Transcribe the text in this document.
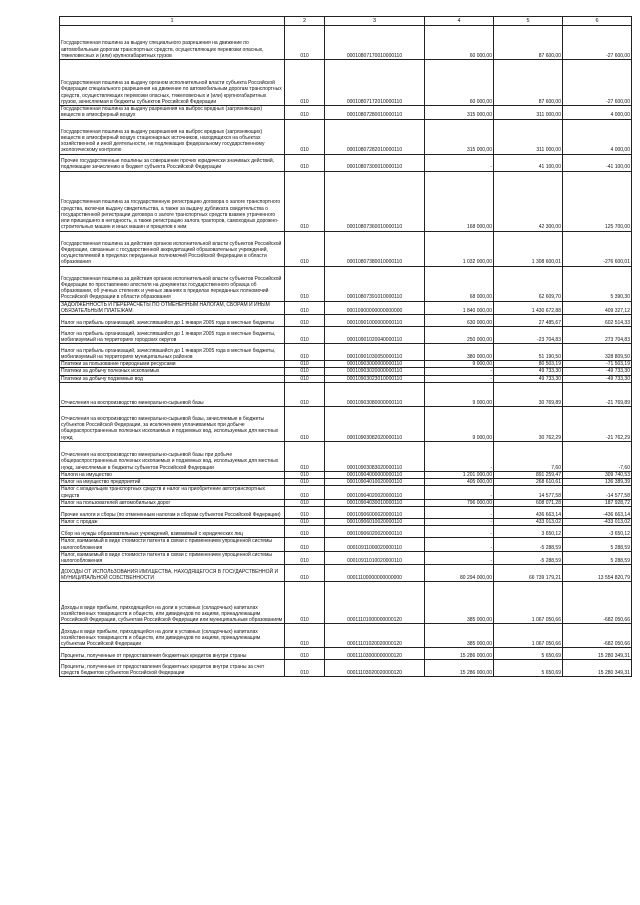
1	2	3	4	5	6
Государственная пошлина за выдачу специального разрешения на движение по автомобильным дорогам транспортных средств, осуществляющих перевозки опасных, тяжеловесных и (или) крупногабаритных грузов	010	00010807170010000110	60 000,00	87 600,00	-27 600,00
Государственная пошлина за выдачу органом исполнительной власти субъекта Российской Федерации специального разрешения на движение по автомобильным дорогам транспортных средств, осуществляющих перевозки опасных, тяжеловесных и (или) крупногабаритных грузов, зачисляемая в бюджеты субъектов Российской Федерации	010	00010807172010000110	60 000,00	87 600,00	-27 600,00
Государственная пошлина за выдачу разрешения на выброс вредных (загрязняющих) веществ в атмосферный воздух	010	00010807280010000110	315 000,00	311 000,00	4 000,00
Государственная пошлина за выдачу разрешения на выброс вредных (загрязняющих) веществ в атмосферный воздух стационарных источников, находящихся на объектах хозяйственной и иной деятельности, не подлежащих федеральному государственному экологическому контролю	010	00010807282010000110	315 000,00	311 000,00	4 000,00
Прочие государственные пошлины за совершение прочих юридически значимых действий, подлежащие зачислению в бюджет субъекта Российской Федерации	010	00010807300010000110	-	41 100,00	-41 100,00
Государственная пошлина за государственную регистрацию договора о залоге транспортного средства, включая выдачу свидетельства, а также за выдачу дубликата свидетельства о государственной регистрации договора о залоге транспортных средств взамен утраченного или пришедшего в негодность, а также регистрацию залога тракторов, самоходных дорожно-строительных машин и иных машин и прицепов к ним	010	00010807360010000110	168 000,00	42 300,00	125 700,00
Государственная пошлина за действия органов исполнительной власти субъектов Российской Федерации, связанные с государственной аккредитацией образовательных учреждений, осуществляемой в пределах переданных полномочий Российской Федерации в области образования	010	00010807380010000110	1 032 000,00	1 308 600,01	-276 600,01
Государственная пошлина за действия органов исполнительной власти субъектов Российской Федерации по проставлению апостиля на документах государственного образца об образовании, об ученых степенях и ученых званиях в пределах переданных полномочий Российской Федерации в области образования	010	00010807391010000110	68 000,00	62 609,70	5 390,30
ЗАДОЛЖЕННОСТЬ И ПЕРЕРАСЧЕТЫ ПО ОТМЕНЕННЫМ НАЛОГАМ, СБОРАМ И ИНЫМ ОБЯЗАТЕЛЬНЫМ ПЛАТЕЖАМ	010	00010900000000000000	1 840 000,00	1 430 672,88	409 327,12
Налог на прибыль организаций, зачислявшийся до 1 января 2005 года в местные бюджеты	010	00010901000000000110	630 000,00	27 485,67	602 514,33
Налог на прибыль организаций, зачислявшийся до 1 января 2005 года в местные бюджеты, мобилизуемый на территориях городских округов	010	00010901020040000110	250 000,00	-23 704,83	273 704,83
Налог на прибыль организаций, зачислявшийся до 1 января 2005 года в местные бюджеты, мобилизуемый на территориях муниципальных районов	010	00010901030050000110	380 000,00	51 190,50	328 809,50
Платежи за пользование природными ресурсами	010	00010903000000000110	9 000,00	80 503,19	-71 503,19
Платежи за добычу полезных ископаемых	010	00010903020000000110	-	49 733,30	-49 733,30
Платежи за добычу подземных вод	010	00010903023010000110	-	49 733,30	-49 733,30
Отчисления на воспроизводство минерально-сырьевой базы	010	00010903080000000110	9 000,00	30 769,89	-21 769,89
Отчисления на воспроизводство минерально-сырьевой базы, зачисляемые в бюджеты субъектов Российской Федерации, за исключением уплачиваемых при добыче общераспространенных полезных ископаемых и подземных вод, используемых для местных нужд	010	00010903082020000110	9 000,00	30 762,29	-21 762,29
Отчисления на воспроизводство минерально-сырьевой базы при добыче общераспространенных полезных ископаемых и подземных вод, используемых для местных нужд, зачисляемые в бюджеты субъектов Российской Федерации	010	00010903083020000110	-	7,60	-7,60
Налоги на имущество	010	00010904000000000110	1 201 000,00	891 259,47	309 740,53
Налог на имущество предприятий	010	00010904010020000110	405 000,00	268 610,61	136 389,39
Налог с владельцев транспортных средств и налог на приобретение автотранспортных средств	010	00010904020020000110	-	14 577,58	-14 577,58
Налог на пользователей автомобильных дорог	010	00010904030010000110	796 000,00	608 071,28	187 928,72
Прочие налоги и сборы (по отмененным налогам и сборам субъектов Российской Федерации)	010	00010906000020000110	-	436 663,14	-436 663,14
Налог с продаж	010	00010906010020000110	-	433 013,02	-433 013,02
Сбор на нужды образовательных учреждений, взимаемый с юридических лиц	010	00010906020020000110	-	3 650,12	-3 650,12
Налог, взимаемый в виде стоимости патента в связи с применением упрощенной системы налогообложения	010	00010911000020000110	-	-5 288,59	5 288,59
Налог, взимаемый в виде стоимости патента в связи с применением упрощенной системы налогообложения	010	00010911010020000110	-	-5 288,59	5 288,59
ДОХОДЫ ОТ ИСПОЛЬЗОВАНИЯ ИМУЩЕСТВА, НАХОДЯЩЕГОСЯ В ГОСУДАРСТВЕННОЙ И МУНИЦИПАЛЬНОЙ СОБСТВЕННОСТИ	010	00011100000000000000	80 294 000,00	66 739 179,21	13 554 820,79
Доходы в виде прибыли, приходящейся на доли в уставных (складочных) капиталах хозяйственных товариществ и обществ, или дивидендов по акциям, принадлежащим Российской Федерации, субъектам Российской Федерации или муниципальным образованиям	010	00011101000000000120	385 000,00	1 067 050,66	-682 050,66
Доходы в виде прибыли, приходящейся на доли в уставных (складочных) капиталах хозяйственных товариществ и обществ, или дивидендов по акциям, принадлежащим субъектам Российской Федерации	010	00011101020020000120	385 000,00	1 067 050,66	-682 050,66
Проценты, полученные от предоставления бюджетных кредитов внутри страны	010	00011103000000000120	15 286 000,00	5 650,69	15 280 349,31
Проценты, полученные от предоставления бюджетных кредитов внутри страны за счет средств бюджетов субъектов Российской Федерации	010	00011103020020000120	15 286 000,00	5 650,69	15 280 349,31
